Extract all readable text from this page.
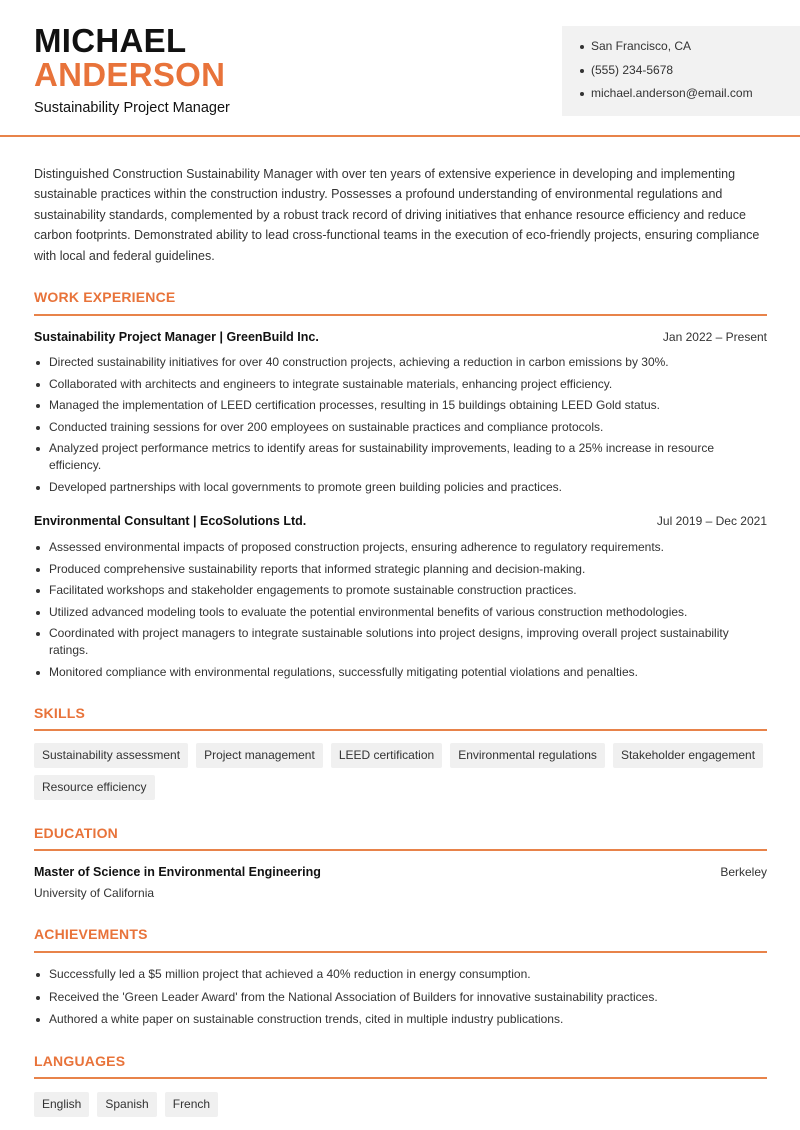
MICHAEL
ANDERSON
Sustainability Project Manager
San Francisco, CA
(555) 234-5678
michael.anderson@email.com

Distinguished Construction Sustainability Manager with over ten years of extensive experience in developing and implementing sustainable practices within the construction industry. Possesses a profound understanding of environmental regulations and sustainability standards, complemented by a robust track record of driving initiatives that enhance resource efficiency and reduce carbon footprints. Demonstrated ability to lead cross-functional teams in the execution of eco-friendly projects, ensuring compliance with local and federal guidelines.

WORK EXPERIENCE
Sustainability Project Manager | GreenBuild Inc.	Jan 2022 – Present
Directed sustainability initiatives for over 40 construction projects, achieving a reduction in carbon emissions by 30%.
Collaborated with architects and engineers to integrate sustainable materials, enhancing project efficiency.
Managed the implementation of LEED certification processes, resulting in 15 buildings obtaining LEED Gold status.
Conducted training sessions for over 200 employees on sustainable practices and compliance protocols.
Analyzed project performance metrics to identify areas for sustainability improvements, leading to a 25% increase in resource efficiency.
Developed partnerships with local governments to promote green building policies and practices.
Environmental Consultant | EcoSolutions Ltd.	Jul 2019 – Dec 2021
Assessed environmental impacts of proposed construction projects, ensuring adherence to regulatory requirements.
Produced comprehensive sustainability reports that informed strategic planning and decision-making.
Facilitated workshops and stakeholder engagements to promote sustainable construction practices.
Utilized advanced modeling tools to evaluate the potential environmental benefits of various construction methodologies.
Coordinated with project managers to integrate sustainable solutions into project designs, improving overall project sustainability ratings.
Monitored compliance with environmental regulations, successfully mitigating potential violations and penalties.
SKILLS
Sustainability assessment	Project management	LEED certification	Environmental regulations	Stakeholder engagement
Resource efficiency
EDUCATION
Master of Science in Environmental Engineering	Berkeley
University of California
ACHIEVEMENTS
Successfully led a $5 million project that achieved a 40% reduction in energy consumption.
Received the 'Green Leader Award' from the National Association of Builders for innovative sustainability practices.
Authored a white paper on sustainable construction trends, cited in multiple industry publications.
LANGUAGES
English	Spanish	French
